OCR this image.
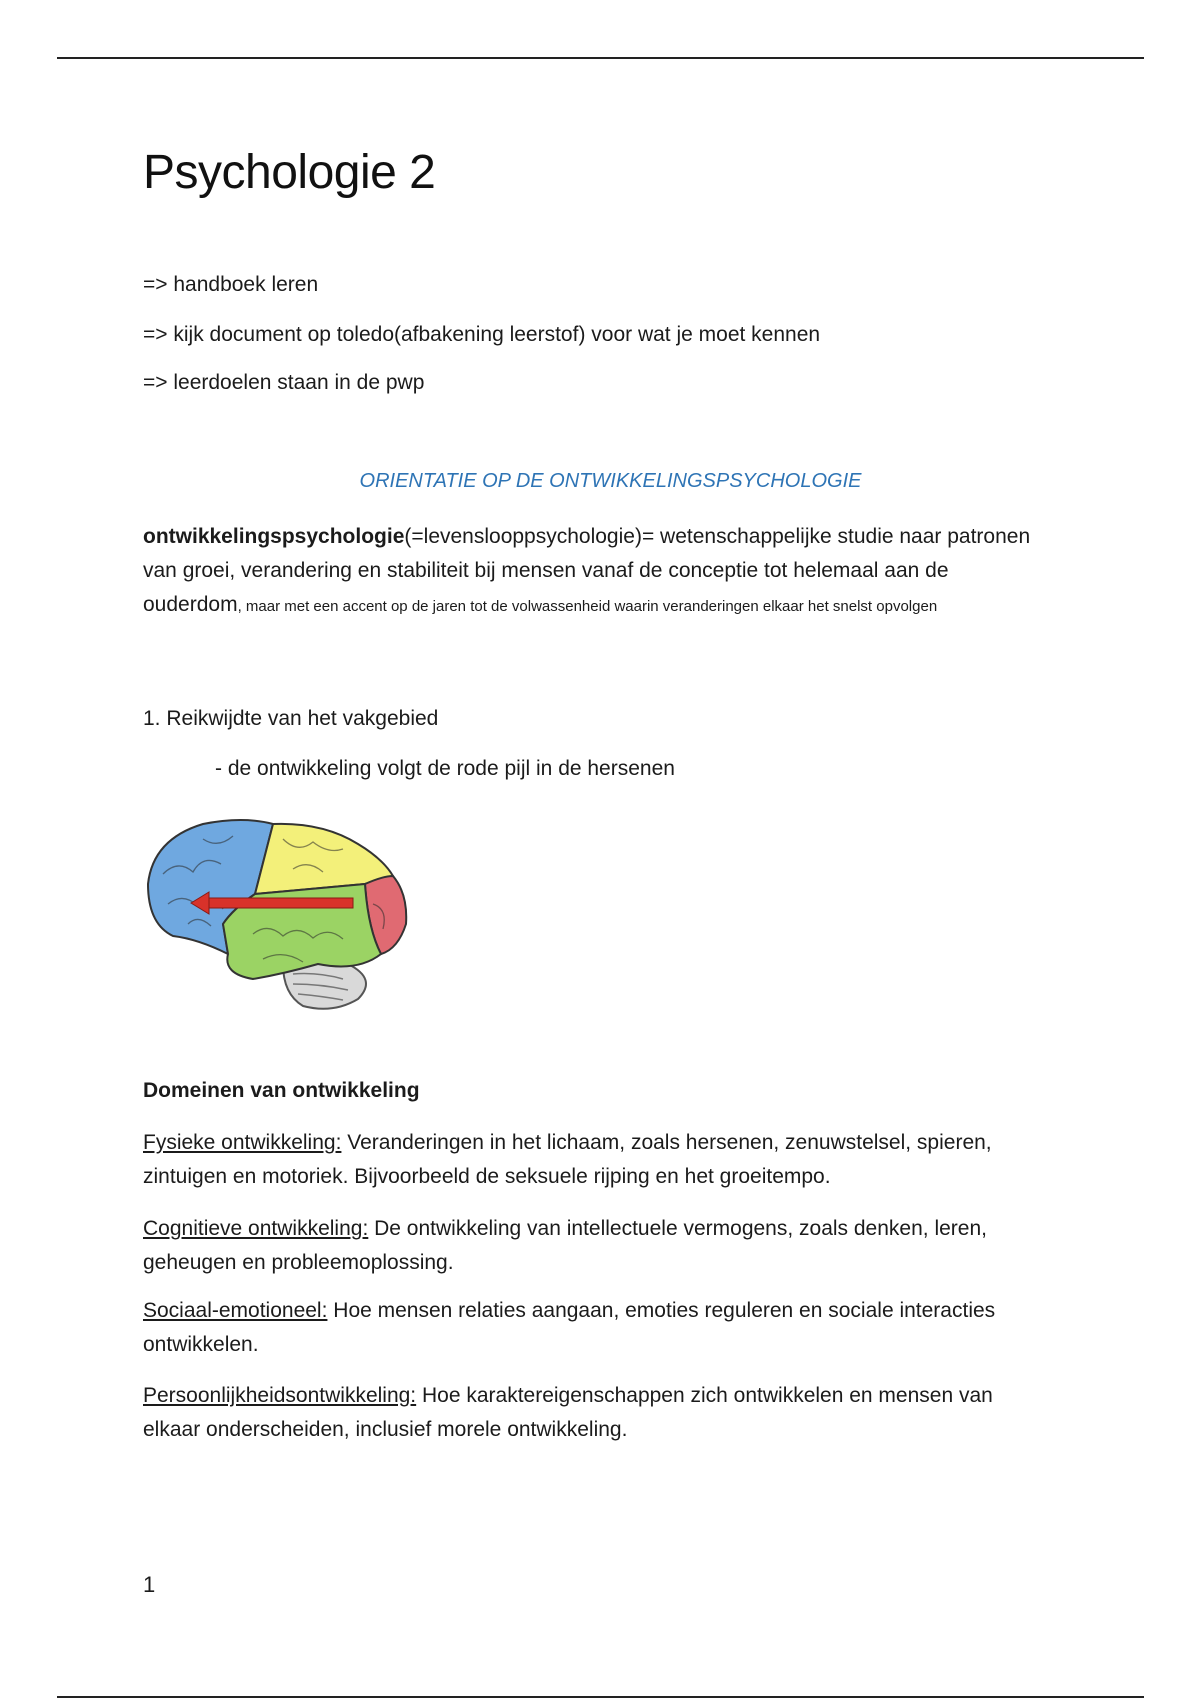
Psychologie 2

=> handboek leren

=> kijk document op toledo(afbakening leerstof) voor wat je moet kennen

=> leerdoelen staan in de pwp

ORIENTATIE OP DE ONTWIKKELINGSPSYCHOLOGIE

ontwikkelingspsychologie(=levenslooppsychologie)= wetenschappelijke studie naar patronen van groei, verandering en stabiliteit bij mensen vanaf de conceptie tot helemaal aan de ouderdom, maar met een accent op de jaren tot de volwassenheid waarin veranderingen elkaar het snelst opvolgen

1. Reikwijdte van het vakgebied

- de ontwikkeling volgt de rode pijl in de hersenen

Domeinen van ontwikkeling

Fysieke ontwikkeling: Veranderingen in het lichaam, zoals hersenen, zenuwstelsel, spieren, zintuigen en motoriek. Bijvoorbeeld de seksuele rijping en het groeitempo.

Cognitieve ontwikkeling: De ontwikkeling van intellectuele vermogens, zoals denken, leren, geheugen en probleemoplossing.

Sociaal-emotioneel: Hoe mensen relaties aangaan, emoties reguleren en sociale interacties ontwikkelen.

Persoonlijkheidsontwikkeling: Hoe karaktereigenschappen zich ontwikkelen en mensen van elkaar onderscheiden, inclusief morele ontwikkeling.

1
